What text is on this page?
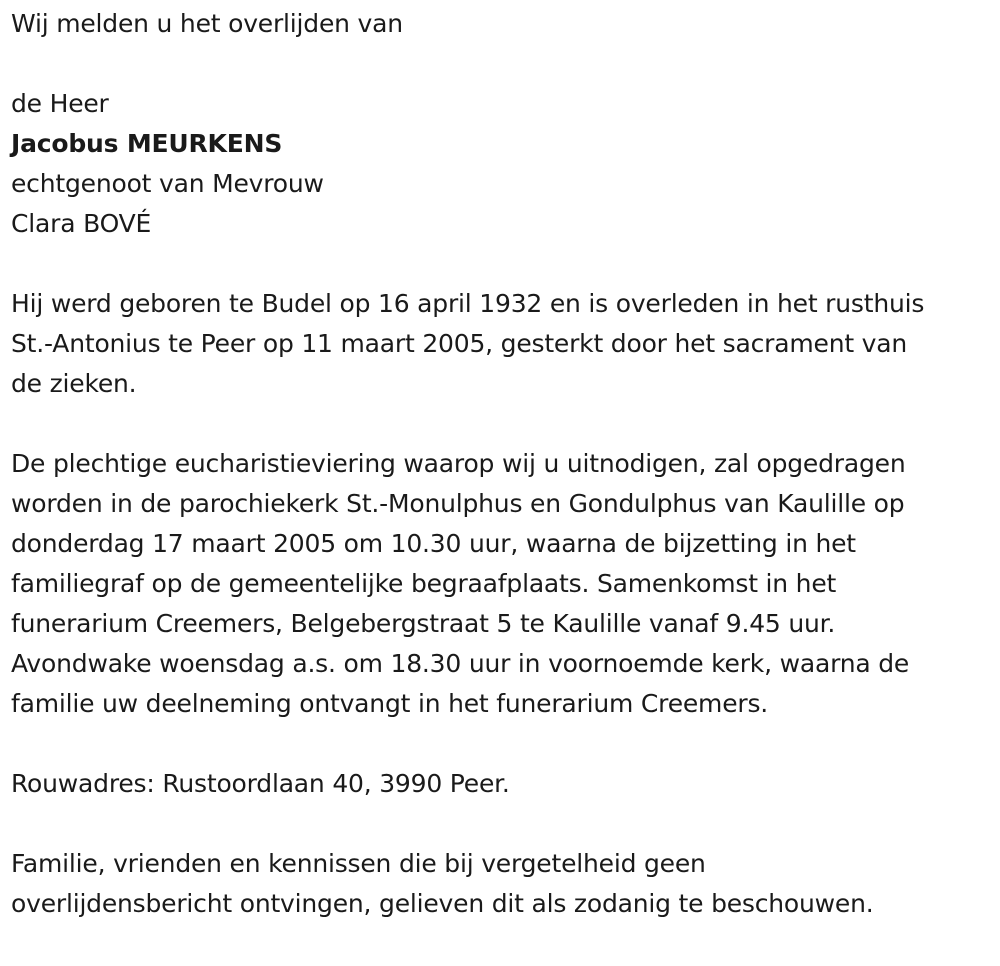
Wij melden u het overlijden van

de Heer

Jacobus MEURKENS

echtgenoot van Mevrouw

Clara BOVÉ

Hij werd geboren te Budel op 16 april 1932 en is overleden in het rusthuis
St.-Antonius te Peer op 11 maart 2005, gesterkt door het sacrament van
de zieken.
De plechtige eucharistieviering waarop wij u uitnodigen, zal opgedragen
worden in de parochiekerk St.-Monulphus en Gondulphus van Kaulille op
donderdag 17 maart 2005 om 10.30 uur, waarna de bijzetting in het
familiegraf op de gemeentelijke begraafplaats. Samenkomst in het
funerarium Creemers, Belgebergstraat 5 te Kaulille vanaf 9.45 uur.
Avondwake woensdag a.s. om 18.30 uur in voornoemde kerk, waarna de
familie uw deelneming ontvangt in het funerarium Creemers.

Rouwadres: Rustoordlaan 40, 3990 Peer.

Familie, vrienden en kennissen die bij vergetelheid geen
overlijdensbericht ontvingen, gelieven dit als zodanig te beschouwen.
